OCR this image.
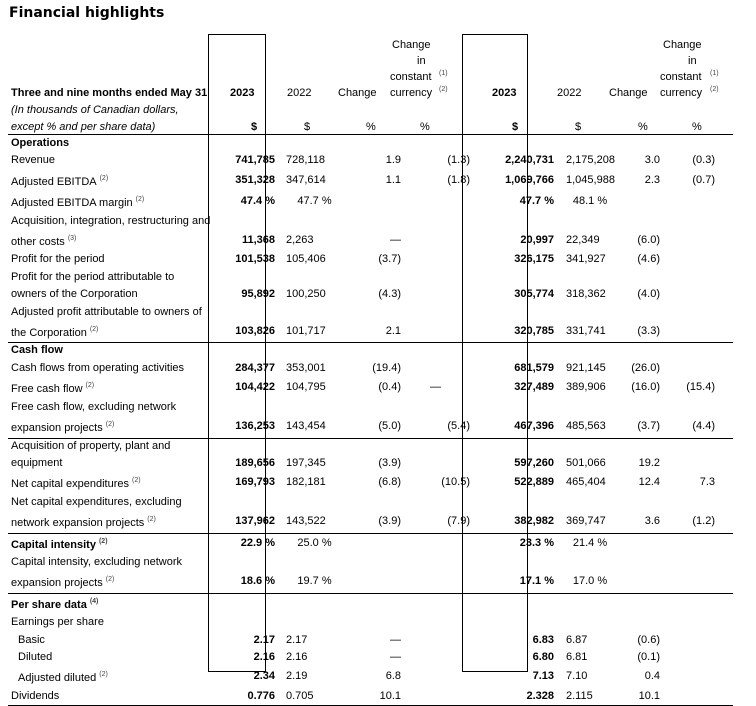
Financial highlights
Three and nine months ended May 31
(In thousands of Canadian dollars,
except % and per share data)
2023	2022 Change
Change
in
constant
currency
(1)
(2)
$	$	%	%
2023	2022	Change
Change
in
constant
currency
(1)
(2)
$	$	%	%
Operations										
Revenue	741,785	728,118	1.9	(1.3)		2,240,731	2,175,208	3.0	(0.3)	
Adjusted EBITDA $^{(2)}$	351,328	347,614	1.1	(1.8)		1,069,766	1,045,988	2.3	(0.7)	
Adjusted EBITDA margin $^{(2)}$	47.4 %	47.7 %				47.7 %	48.1 %			
Acquisition, integration, restructuring and										
other costs $^{(3)}$	11,368	2,263	—			20,997	22,349	(6.0)		
Profit for the period	101,538	105,406	(3.7)			326,175	341,927	(4.6)		
Profit for the period attributable to										
owners of the Corporation	95,892	100,250	(4.3)			305,774	318,362	(4.0)		
Adjusted profit attributable to owners of										
the Corporation $^{(2)}$	103,826	101,717	2.1			320,785	331,741	(3.3)		
Cash flow										
Cash flows from operating activities	284,377	353,001	(19.4)			681,579	921,145	(26.0)		
Free cash flow $^{(2)}$	104,422	104,795	(0.4)	—		327,489	389,906	(16.0)	(15.4)	
Free cash flow, excluding network										
expansion projects $^{(2)}$	136,253	143,454	(5.0)	(5.4)		467,396	485,563	(3.7)	(4.4)	
Acquisition of property, plant and										
equipment	189,656	197,345	(3.9)			597,260	501,066	19.2		
Net capital expenditures $^{(2)}$	169,793	182,181	(6.8)	(10.5)		522,889	465,404	12.4	7.3	
Net capital expenditures, excluding										
network expansion projects $^{(2)}$	137,962	143,522	(3.9)	(7.9)		382,982	369,747	3.6	(1.2)	
Capital intensity $^{(2)}$	22.9 %	25.0 %				23.3 %	21.4 %			
Capital intensity, excluding network										
expansion projects $^{(2)}$	18.6 %	19.7 %				17.1 %	17.0 %			
Per share data $^{(4)}$										
Earnings per share										
Basic	2.17	2.17	—			6.83	6.87	(0.6)		
Diluted	2.16	2.16	—			6.80	6.81	(0.1)		
Adjusted diluted $^{(2)}$	2.34	2.19	6.8			7.13	7.10	0.4		
Dividends	0.776	0.705	10.1			2.328	2.115	10.1		
